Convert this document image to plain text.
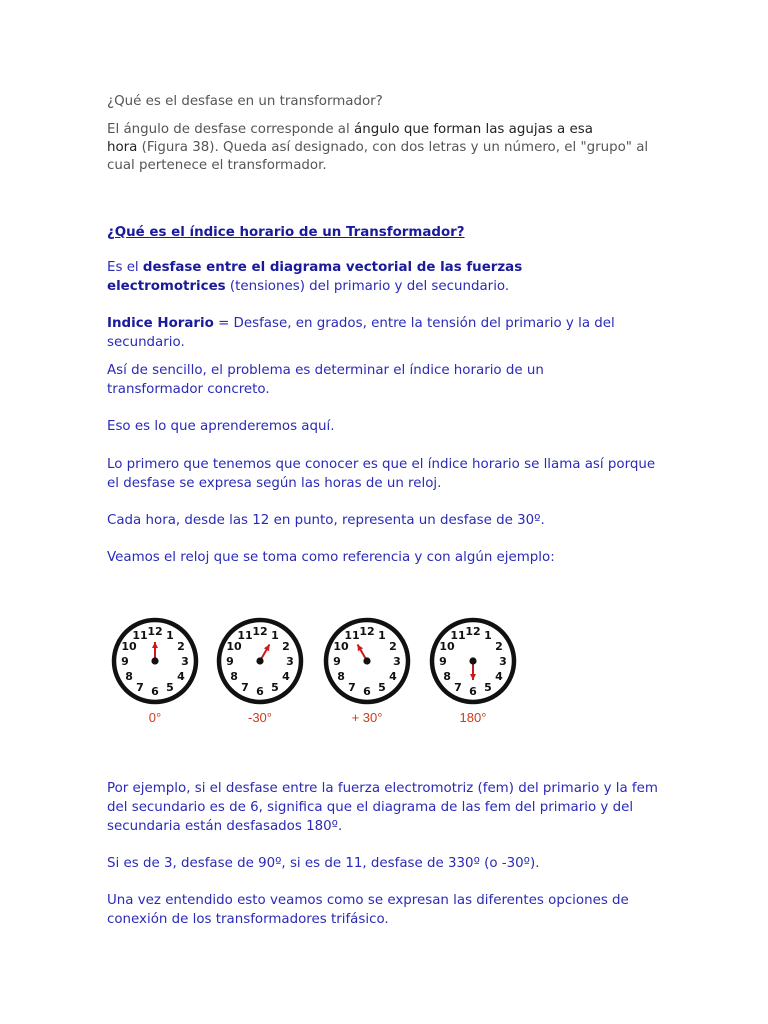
¿Qué es el desfase en un transformador?
El ángulo de desfase corresponde al ángulo que forman las agujas a esa
hora (Figura 38). Queda así designado, con dos letras y un número, el "grupo" al
cual pertenece el transformador.
¿Qué es el índice horario de un Transformador?
Es el desfase entre el diagrama vectorial de las fuerzas
electromotrices (tensiones) del primario y del secundario.
Indice Horario = Desfase, en grados, entre la tensión del primario y la del secundario.
Así de sencillo, el problema es determinar el índice horario de un transformador concreto.
Eso es lo que aprenderemos aquí.
Lo primero que tenemos que conocer es que el índice horario se llama así porque el desfase se expresa según las horas de un reloj.
Cada hora, desde las 12 en punto, representa un desfase de 30º.
Veamos el reloj que se toma como referencia y con algún ejemplo:
12 1
2
3
4
5
6
7
8
9
10
11
0°
12 1
2
3
4
5
6
7
8
9
10
11
-30°
12 1
2
3
4
5
6
7
8
9
10
11
+ 30°
12 1
2
3
4
5
6
7
8
9
10
11
180°
Por ejemplo, si el desfase entre la fuerza electromotriz (fem) del primario y la fem del secundario es de 6, significa que el diagrama de las fem del primario y del secundaria están desfasados 180º.
Si es de 3, desfase de 90º, si es de 11, desfase de 330º (o -30º).
Una vez entendido esto veamos como se expresan las diferentes opciones de conexión de los transformadores trifásico.
